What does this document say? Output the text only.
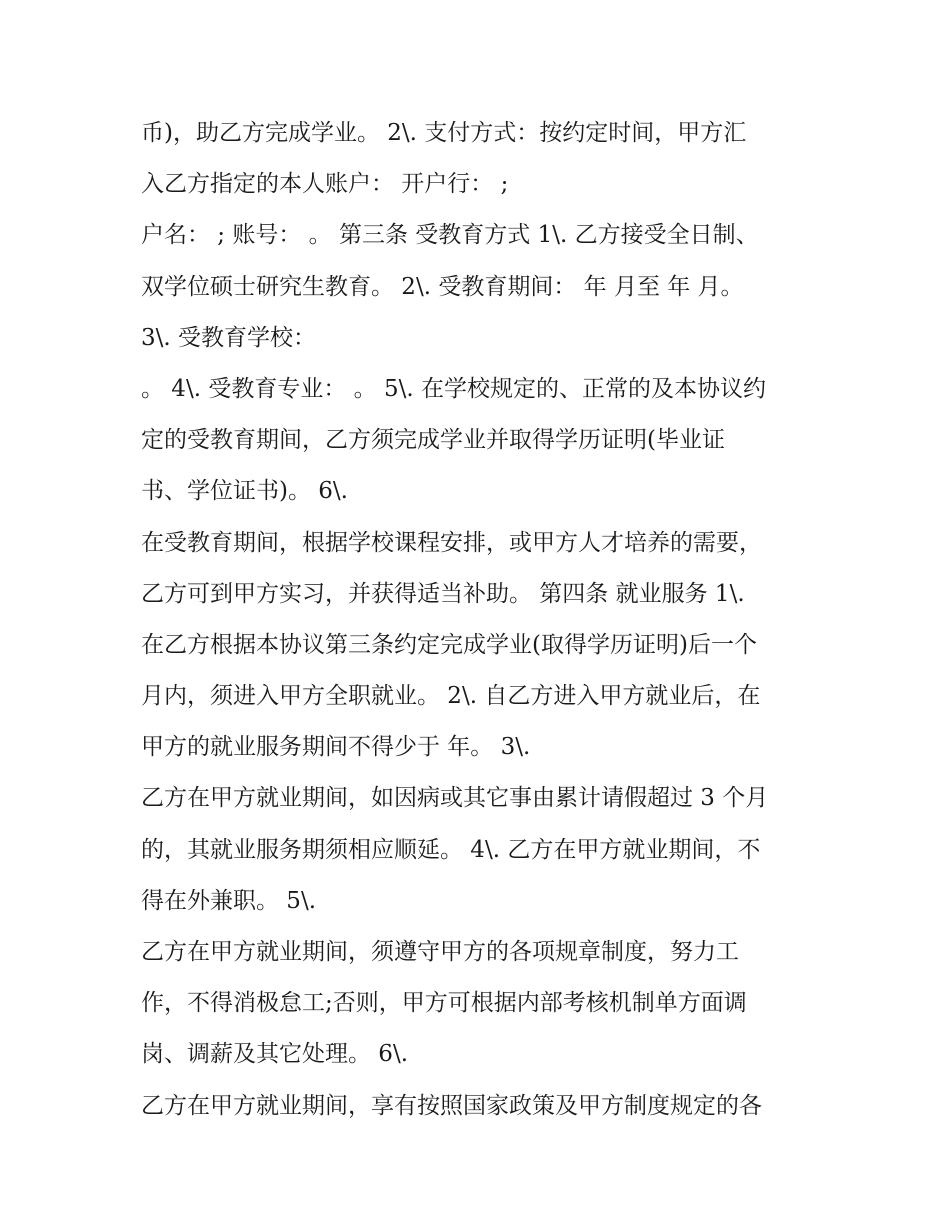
币)，助乙方完成学业。 2\. 支付方式：按约定时间，甲方汇
入乙方指定的本人账户： 开户行： ;
户名： ; 账号： 。 第三条 受教育方式 1\. 乙方接受全日制、
双学位硕士研究生教育。 2\. 受教育期间： 年 月至 年 月。
3\. 受教育学校：
。 4\. 受教育专业： 。 5\. 在学校规定的、正常的及本协议约
定的受教育期间，乙方须完成学业并取得学历证明(毕业证
书、学位证书)。 6\.
在受教育期间，根据学校课程安排，或甲方人才培养的需要，
乙方可到甲方实习，并获得适当补助。 第四条 就业服务 1\.
在乙方根据本协议第三条约定完成学业(取得学历证明)后一个
月内，须进入甲方全职就业。 2\. 自乙方进入甲方就业后，在
甲方的就业服务期间不得少于 年。 3\.
乙方在甲方就业期间，如因病或其它事由累计请假超过 3 个月
的，其就业服务期须相应顺延。 4\. 乙方在甲方就业期间，不
得在外兼职。 5\.
乙方在甲方就业期间，须遵守甲方的各项规章制度，努力工
作，不得消极怠工;否则，甲方可根据内部考核机制单方面调
岗、调薪及其它处理。 6\.
乙方在甲方就业期间，享有按照国家政策及甲方制度规定的各
